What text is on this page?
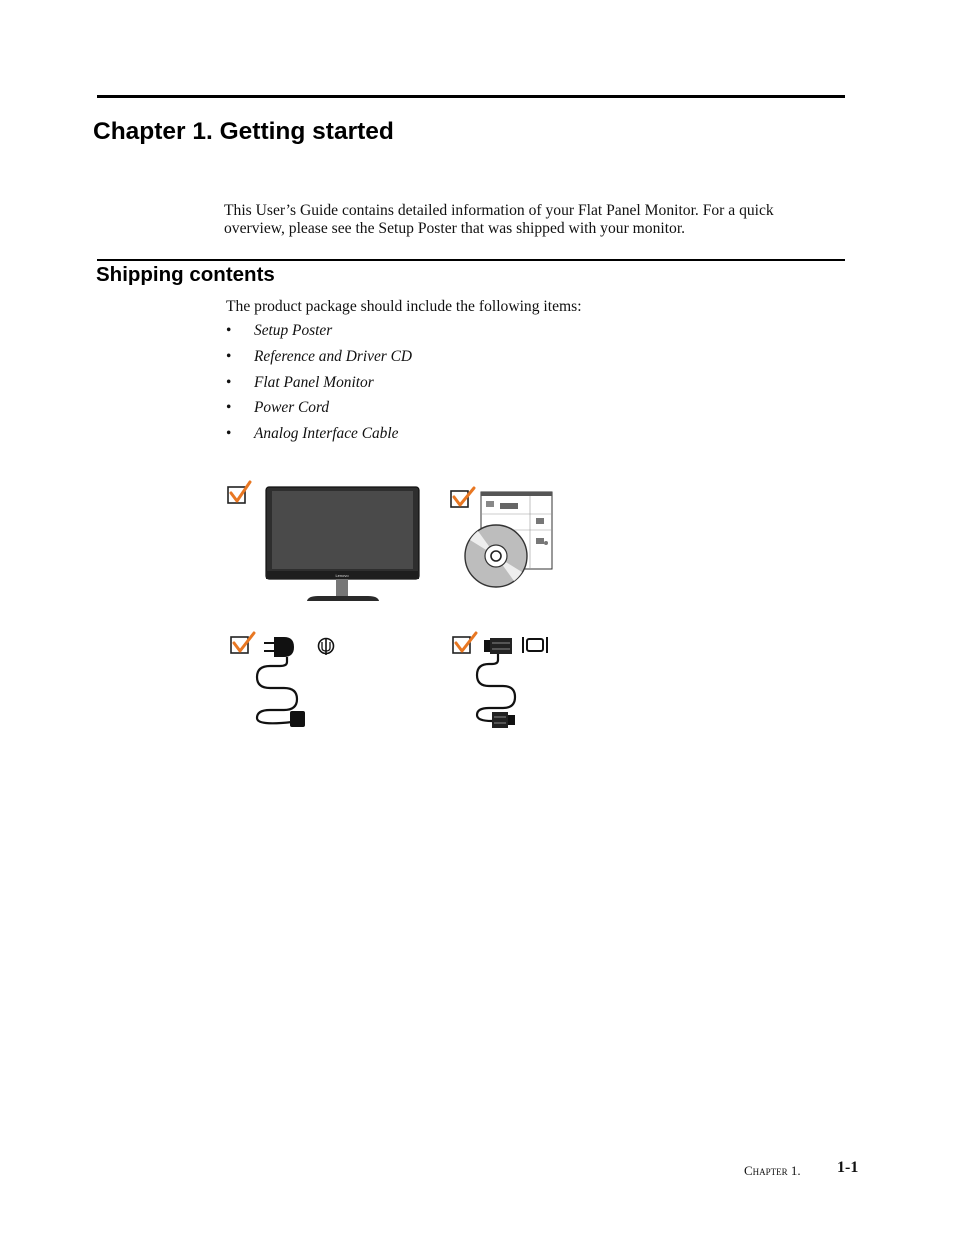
Chapter 1. Getting started

This User’s Guide contains detailed information of your Flat Panel Monitor. For a quick overview, please see the Setup Poster that was shipped with your monitor.

Shipping contents

The product package should include the following items:

• Setup Poster
• Reference and Driver CD
• Flat Panel Monitor
• Power Cord
• Analog Interface Cable
Lenovo
Chapter 1. 1-1
